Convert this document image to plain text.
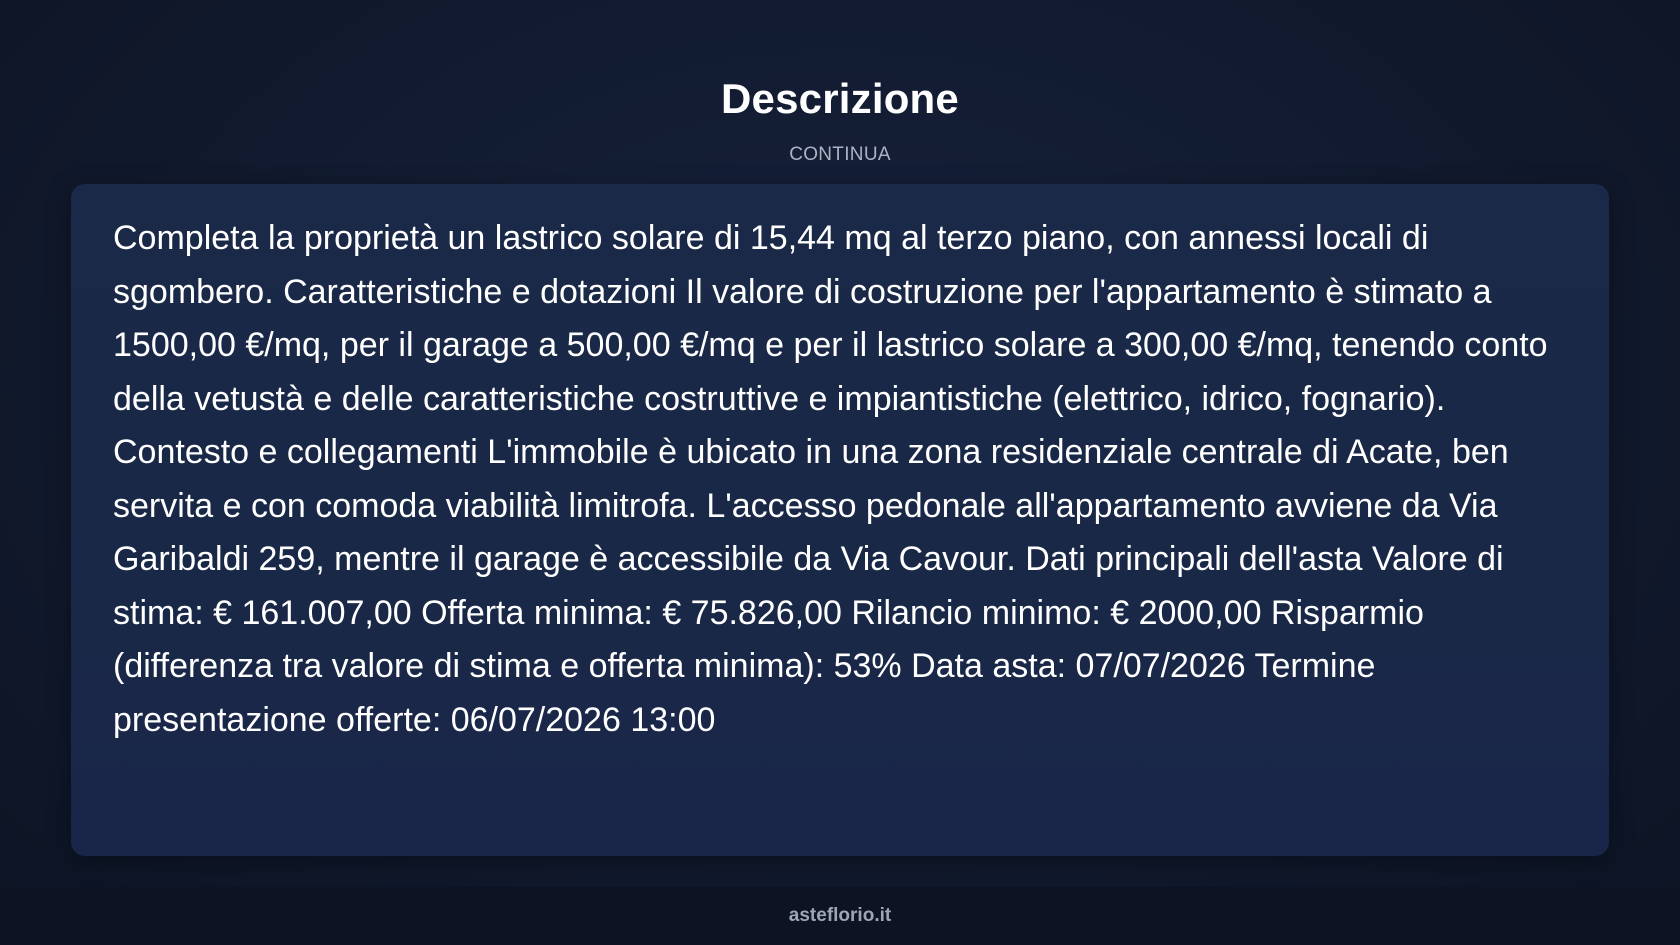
Descrizione
CONTINUA

Completa la proprietà un lastrico solare di 15,44 mq al terzo piano, con annessi locali di sgombero. Caratteristiche e dotazioni Il valore di costruzione per l'appartamento è stimato a 1500,00 €/mq, per il garage a 500,00 €/mq e per il lastrico solare a 300,00 €/mq, tenendo conto della vetustà e delle caratteristiche costruttive e impiantistiche (elettrico, idrico, fognario). Contesto e collegamenti L'immobile è ubicato in una zona residenziale centrale di Acate, ben servita e con comoda viabilità limitrofa. L'accesso pedonale all'appartamento avviene da Via Garibaldi 259, mentre il garage è accessibile da Via Cavour. Dati principali dell'asta Valore di stima: € 161.007,00 Offerta minima: € 75.826,00 Rilancio minimo: € 2000,00 Risparmio (differenza tra valore di stima e offerta minima): 53% Data asta: 07/07/2026 Termine presentazione offerte: 06/07/2026 13:00

asteflorio.it
